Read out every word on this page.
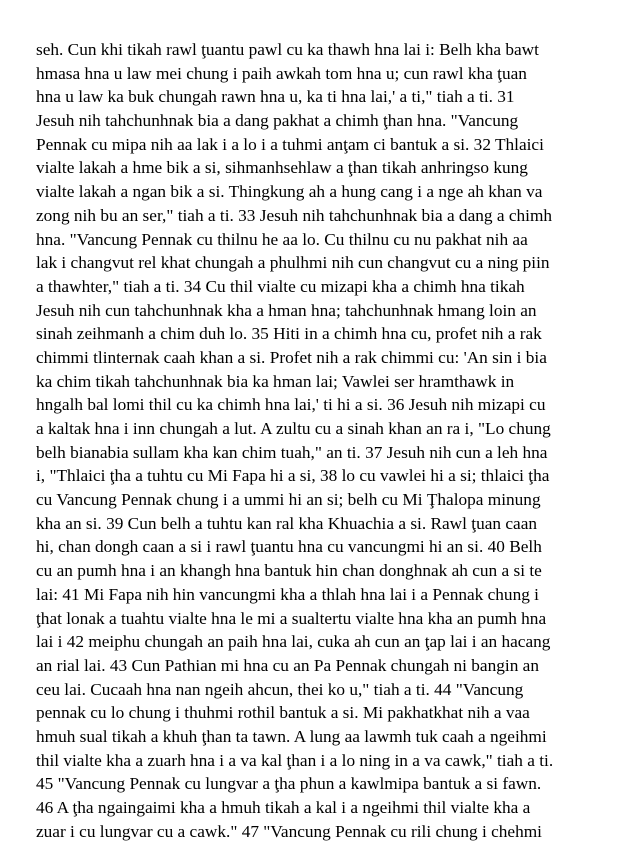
seh. Cun khi tikah rawl ţuantu pawl cu ka thawh hna lai i: Belh kha bawt
hmasa hna u law mei chung i paih awkah tom hna u; cun rawl kha ţuan
hna u law ka buk chungah rawn hna u, ka ti hna lai,' a ti," tiah a ti. 31
Jesuh nih tahchunhnak bia a dang pakhat a chimh ţhan hna. "Vancung
Pennak cu mipa nih aa lak i a lo i a tuhmi anţam ci bantuk a si. 32 Thlaici
vialte lakah a hme bik a si, sihmanhsehlaw a ţhan tikah anhringso kung
vialte lakah a ngan bik a si. Thingkung ah a hung cang i a nge ah khan va
zong nih bu an ser," tiah a ti. 33 Jesuh nih tahchunhnak bia a dang a chimh
hna. "Vancung Pennak cu thilnu he aa lo. Cu thilnu cu nu pakhat nih aa
lak i changvut rel khat chungah a phulhmi nih cun changvut cu a ning piin
a thawhter," tiah a ti. 34 Cu thil vialte cu mizapi kha a chimh hna tikah
Jesuh nih cun tahchunhnak kha a hman hna; tahchunhnak hmang loin an
sinah zeihmanh a chim duh lo. 35 Hiti in a chimh hna cu, profet nih a rak
chimmi tlinternak caah khan a si. Profet nih a rak chimmi cu: 'An sin i bia
ka chim tikah tahchunhnak bia ka hman lai; Vawlei ser hramthawk in
hngalh bal lomi thil cu ka chimh hna lai,' ti hi a si. 36 Jesuh nih mizapi cu
a kaltak hna i inn chungah a lut. A zultu cu a sinah khan an ra i, "Lo chung
belh bianabia sullam kha kan chim tuah," an ti. 37 Jesuh nih cun a leh hna
i, "Thlaici ţha a tuhtu cu Mi Fapa hi a si, 38 lo cu vawlei hi a si; thlaici ţha
cu Vancung Pennak chung i a ummi hi an si; belh cu Mi Ţhalopa minung
kha an si. 39 Cun belh a tuhtu kan ral kha Khuachia a si. Rawl ţuan caan
hi, chan dongh caan a si i rawl ţuantu hna cu vancungmi hi an si. 40 Belh
cu an pumh hna i an khangh hna bantuk hin chan donghnak ah cun a si te
lai: 41 Mi Fapa nih hin vancungmi kha a thlah hna lai i a Pennak chung i
ţhat lonak a tuahtu vialte hna le mi a sualtertu vialte hna kha an pumh hna
lai i 42 meiphu chungah an paih hna lai, cuka ah cun an ţap lai i an hacang
an rial lai. 43 Cun Pathian mi hna cu an Pa Pennak chungah ni bangin an
ceu lai. Cucaah hna nan ngeih ahcun, thei ko u," tiah a ti. 44 "Vancung
pennak cu lo chung i thuhmi rothil bantuk a si. Mi pakhatkhat nih a vaa
hmuh sual tikah a khuh ţhan ta tawn. A lung aa lawmh tuk caah a ngeihmi
thil vialte kha a zuarh hna i a va kal ţhan i a lo ning in a va cawk," tiah a ti.
45 "Vancung Pennak cu lungvar a ţha phun a kawlmipa bantuk a si fawn.
46 A ţha ngaingaimi kha a hmuh tikah a kal i a ngeihmi thil vialte kha a
zuar i cu lungvar cu a cawk." 47 "Vancung Pennak cu rili chung i chehmi
